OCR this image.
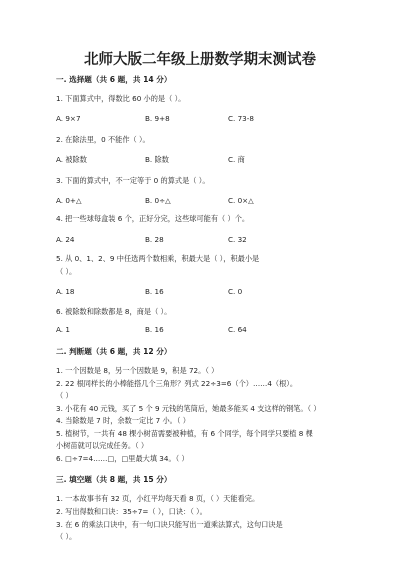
北师大版二年级上册数学期末测试卷
一. 选择题（共 6 题，共 14 分）
1. 下面算式中，得数比 60 小的是（ ）。
A. 9×7	B. 9+8	C. 73-8
2. 在除法里，0 不能作（ ）。
A. 被除数	B. 除数	C. 商
3. 下面的算式中，不一定等于 0 的算式是（ ）。
A. 0+△	B. 0÷△	C. 0×△
4. 把一些球每盒装 6 个，正好分完，这些球可能有（ ）个。
A. 24	B. 28	C. 32
5. 从 0、1、2、9 中任选两个数相乘，积最大是（ ），积最小是
（ ）。
A. 18	B. 16	C. 0
6. 被除数和除数都是 8，商是（ ）。
A. 1	B. 16	C. 64
二. 判断题（共 6 题，共 12 分）
1. 一个因数是 8，另一个因数是 9，积是 72。（ ）
2. 22 根同样长的小棒能搭几个三角形？列式 22÷3=6（个）……4（根）。
（ ）
3. 小花有 40 元钱，买了 5 个 9 元钱的笔筒后，她最多能买 4 支这样的钢笔。（ ）
4. 当除数是 7 时，余数一定比 7 小。（ ）
5. 植树节，一共有 48 棵小树苗需要被种植，有 6 个同学，每个同学只要植 8 棵
小树苗就可以完成任务。（ ）
6. □÷7=4……□，□里最大填 34。（ ）
三. 填空题（共 8 题，共 15 分）
1. 一本故事书有 32 页，小红平均每天看 8 页，（ ）天能看完。
2. 写出得数和口诀：35÷7=（ ），口诀：（ ）。
3. 在 6 的乘法口诀中，有一句口诀只能写出一道乘法算式，这句口诀是
（ ）。
